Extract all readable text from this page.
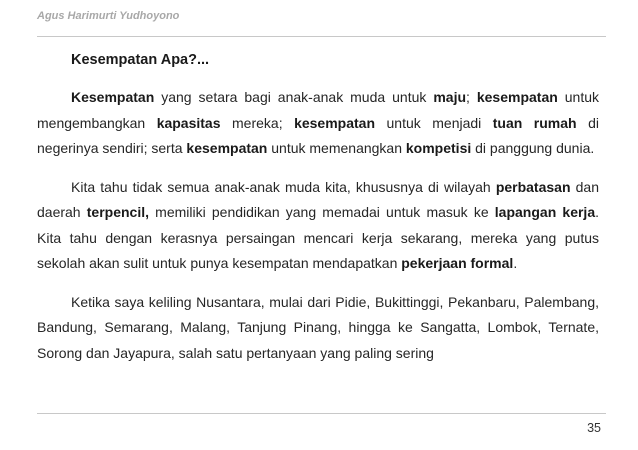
Agus Harimurti Yudhoyono
Kesempatan Apa?...

Kesempatan yang setara bagi anak-anak muda untuk maju; kesempatan untuk mengembangkan kapasitas mereka; kesempatan untuk menjadi tuan rumah di negerinya sendiri; serta kesempatan untuk memenangkan kompetisi di panggung dunia.

Kita tahu tidak semua anak-anak muda kita, khususnya di wilayah perbatasan dan daerah terpencil, memiliki pendidikan yang memadai untuk masuk ke lapangan kerja. Kita tahu dengan kerasnya persaingan mencari kerja sekarang, mereka yang putus sekolah akan sulit untuk punya kesempatan mendapatkan pekerjaan formal.

Ketika saya keliling Nusantara, mulai dari Pidie, Bukittinggi, Pekanbaru, Palembang, Bandung, Semarang, Malang, Tanjung Pinang, hingga ke Sangatta, Lombok, Ternate, Sorong dan Jayapura, salah satu pertanyaan yang paling sering

35
